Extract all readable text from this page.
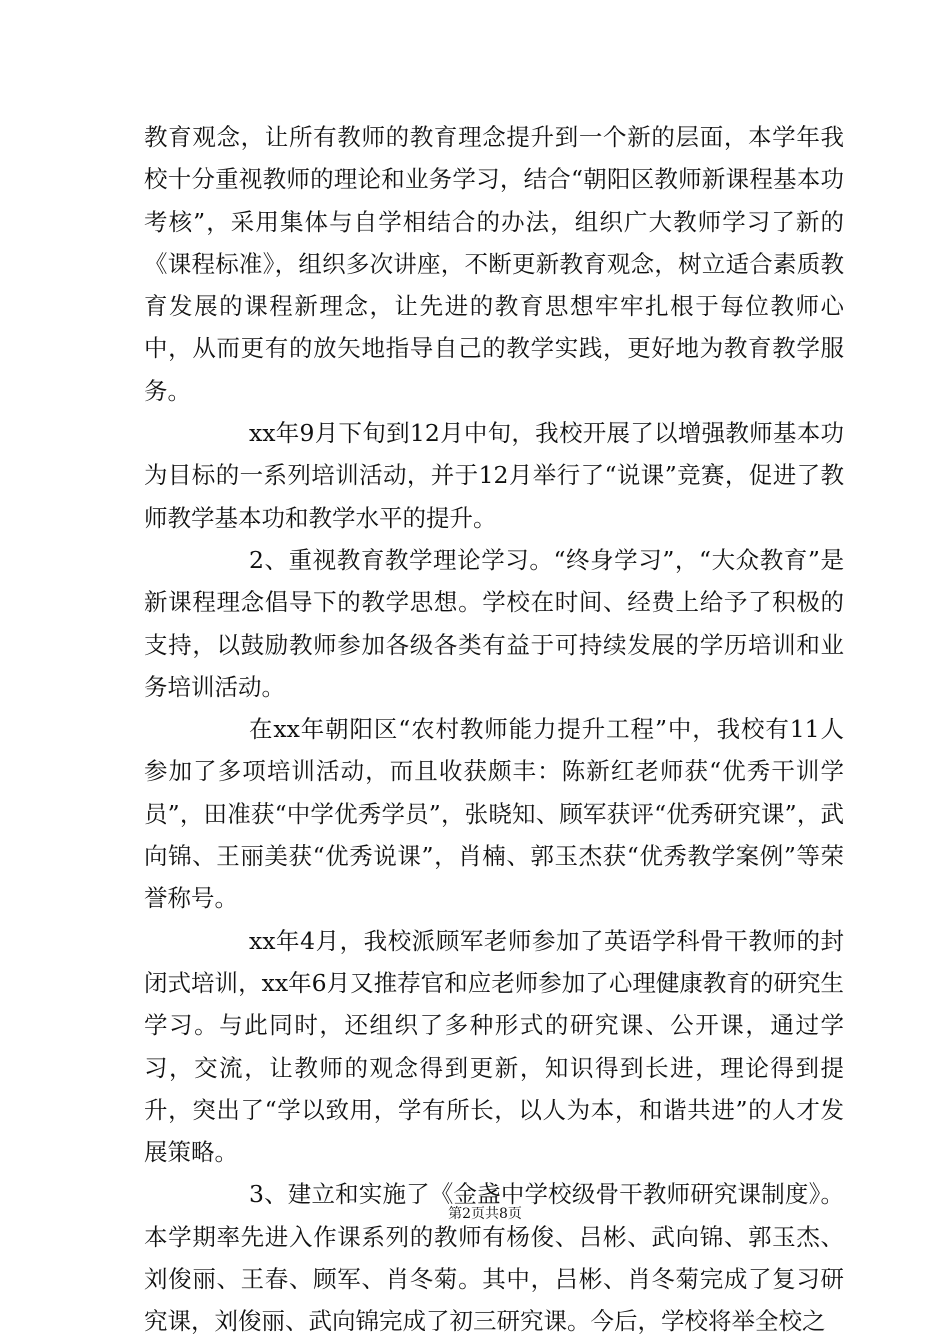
教育观念，让所有教师的教育理念提升到一个新的层面，本学年我校十分重视教师的理论和业务学习，结合“朝阳区教师新课程基本功考核”，采用集体与自学相结合的办法，组织广大教师学习了新的《课程标准》，组织多次讲座，不断更新教育观念，树立适合素质教育发展的课程新理念，让先进的教育思想牢牢扎根于每位教师心中，从而更有的放矢地指导自己的教学实践，更好地为教育教学服务。

xx年9月下旬到12月中旬，我校开展了以增强教师基本功为目标的一系列培训活动，并于12月举行了“说课”竞赛，促进了教师教学基本功和教学水平的提升。

2、重视教育教学理论学习。“终身学习”，“大众教育”是新课程理念倡导下的教学思想。学校在时间、经费上给予了积极的支持，以鼓励教师参加各级各类有益于可持续发展的学历培训和业务培训活动。

在xx年朝阳区“农村教师能力提升工程”中，我校有11人参加了多项培训活动，而且收获颇丰：陈新红老师获“优秀干训学员”，田准获“中学优秀学员”，张晓知、顾军获评“优秀研究课”，武向锦、王丽美获“优秀说课”，肖楠、郭玉杰获“优秀教学案例”等荣誉称号。

xx年4月，我校派顾军老师参加了英语学科骨干教师的封闭式培训，xx年6月又推荐官和应老师参加了心理健康教育的研究生学习。与此同时，还组织了多种形式的研究课、公开课，通过学习，交流，让教师的观念得到更新，知识得到长进，理论得到提升，突出了“学以致用，学有所长，以人为本，和谐共进”的人才发展策略。

3、建立和实施了《金盏中学校级骨干教师研究课制度》。本学期率先进入作课系列的教师有杨俊、吕彬、武向锦、郭玉杰、刘俊丽、王春、顾军、肖冬菊。其中，吕彬、肖冬菊完成了复习研究课，刘俊丽、武向锦完成了初三研究课。今后，学校将举全校之

第2页共8页
